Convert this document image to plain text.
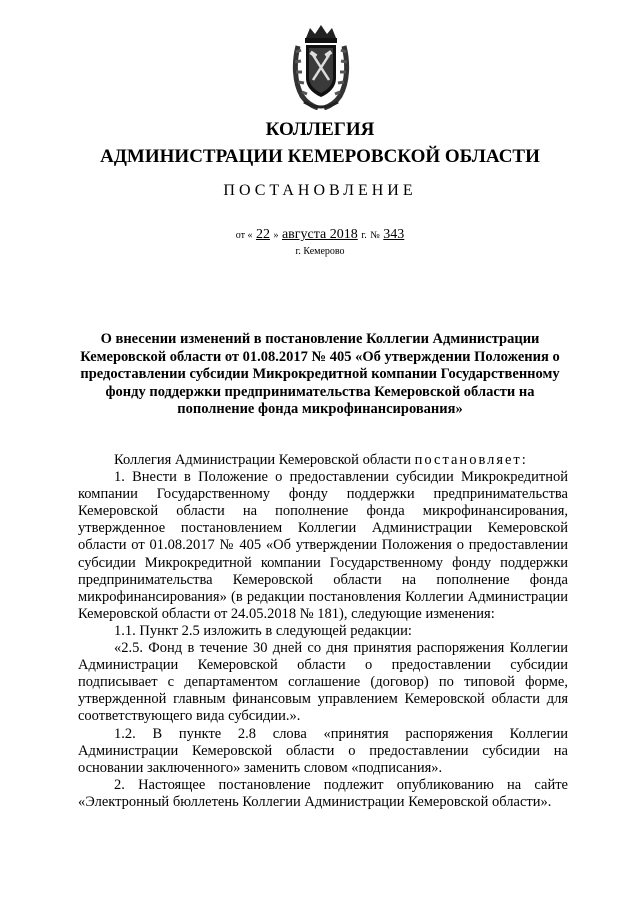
КОЛЛЕГИЯ
АДМИНИСТРАЦИИ КЕМЕРОВСКОЙ ОБЛАСТИ
ПОСТАНОВЛЕНИЕ
от « 22 » августа 2018 г. № 343
г. Кемерово
О внесении изменений в постановление Коллегии Администрации Кемеровской области от 01.08.2017 № 405 «Об утверждении Положения о предоставлении субсидии Микрокредитной компании Государственному фонду поддержки предпринимательства Кемеровской области на пополнение фонда микрофинансирования»

Коллегия Администрации Кемеровской области постановляет:

1. Внести в Положение о предоставлении субсидии Микрокредитной компании Государственному фонду поддержки предпринимательства Кемеровской области на пополнение фонда микрофинансирования, утвержденное постановлением Коллегии Администрации Кемеровской области от 01.08.2017 № 405 «Об утверждении Положения о предоставлении субсидии Микрокредитной компании Государственному фонду поддержки предпринимательства Кемеровской области на пополнение фонда микрофинансирования» (в редакции постановления Коллегии Администрации Кемеровской области от 24.05.2018 № 181), следующие изменения:

1.1. Пункт 2.5 изложить в следующей редакции:

«2.5. Фонд в течение 30 дней со дня принятия распоряжения Коллегии Администрации Кемеровской области о предоставлении субсидии подписывает с департаментом соглашение (договор) по типовой форме, утвержденной главным финансовым управлением Кемеровской области для соответствующего вида субсидии.».

1.2. В пункте 2.8 слова «принятия распоряжения Коллегии Администрации Кемеровской области о предоставлении субсидии на основании заключенного» заменить словом «подписания».

2. Настоящее постановление подлежит опубликованию на сайте «Электронный бюллетень Коллегии Администрации Кемеровской области».
